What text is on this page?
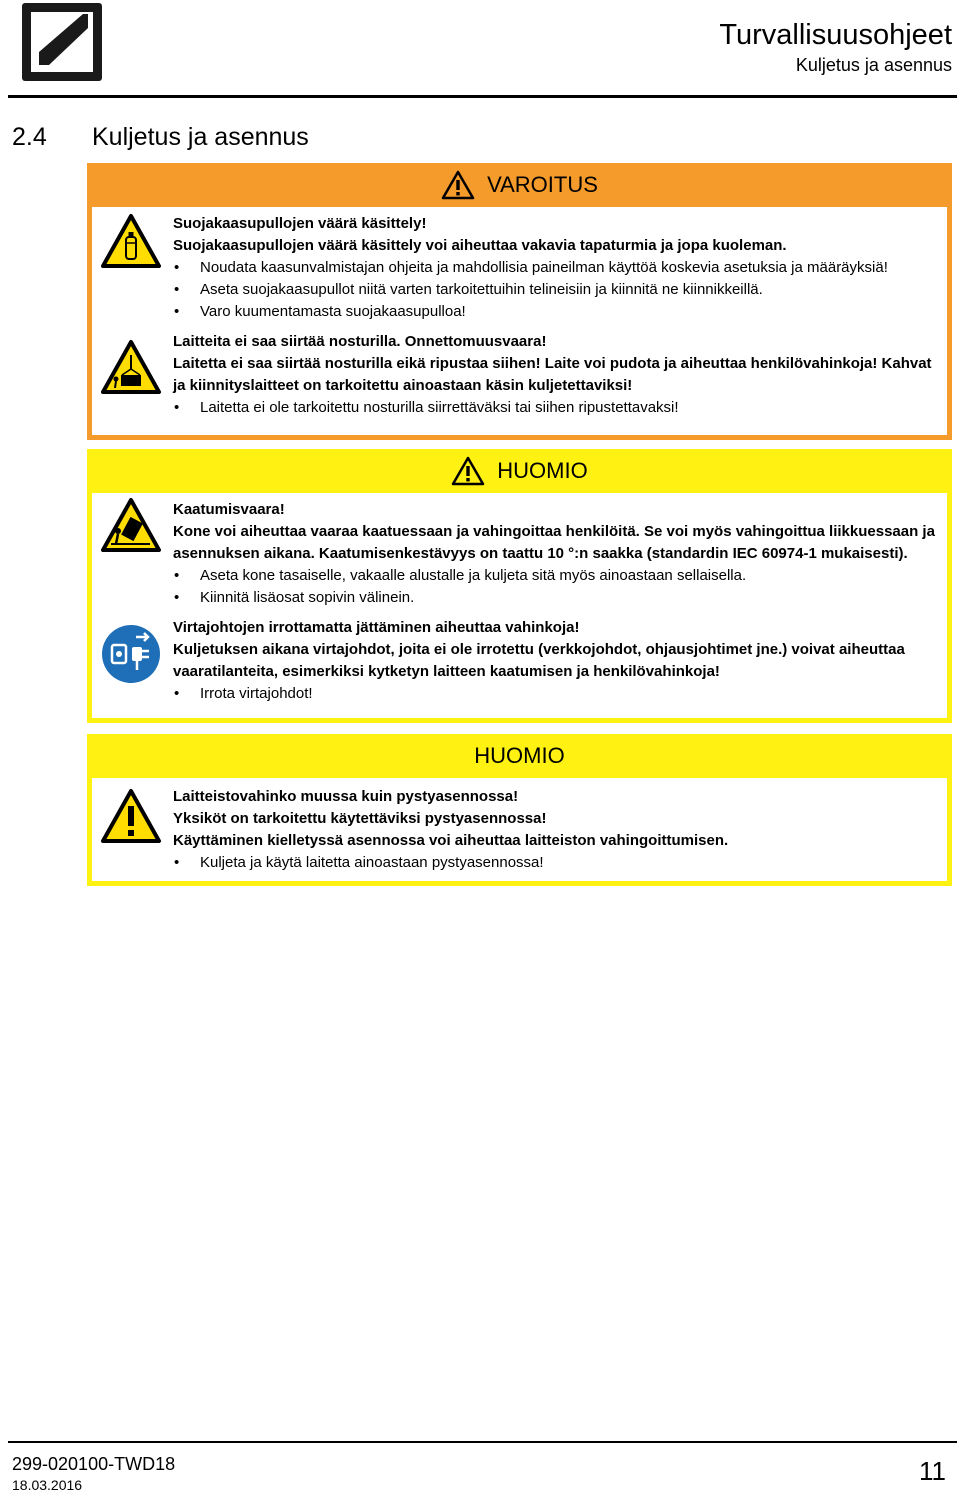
Turvallisuusohjeet
Kuljetus ja asennus
2.4 Kuljetus ja asennus
VAROITUS

Suojakaasupullojen väärä käsittely!

Suojakaasupullojen väärä käsittely voi aiheuttaa vakavia tapaturmia ja jopa kuoleman.

• Noudata kaasunvalmistajan ohjeita ja mahdollisia paineilman käyttöä koskevia asetuksia ja määräyksiä!
• Aseta suojakaasupullot niitä varten tarkoitettuihin telineisiin ja kiinnitä ne kiinnikkeillä.
• Varo kuumentamasta suojakaasupulloa!

Laitteita ei saa siirtää nosturilla. Onnettomuusvaara!

Laitetta ei saa siirtää nosturilla eikä ripustaa siihen! Laite voi pudota ja aiheuttaa henkilövahinkoja! Kahvat ja kiinnityslaitteet on tarkoitettu ainoastaan käsin kuljetettaviksi!

• Laitetta ei ole tarkoitettu nosturilla siirrettäväksi tai siihen ripustettavaksi!
HUOMIO

Kaatumisvaara!

Kone voi aiheuttaa vaaraa kaatuessaan ja vahingoittaa henkilöitä. Se voi myös vahingoittua liikkuessaan ja asennuksen aikana. Kaatumisenkestävyys on taattu 10 °:n saakka (standardin IEC 60974-1 mukaisesti).

• Aseta kone tasaiselle, vakaalle alustalle ja kuljeta sitä myös ainoastaan sellaisella.
• Kiinnitä lisäosat sopivin välinein.

Virtajohtojen irrottamatta jättäminen aiheuttaa vahinkoja!

Kuljetuksen aikana virtajohdot, joita ei ole irrotettu (verkkojohdot, ohjausjohtimet jne.) voivat aiheuttaa vaaratilanteita, esimerkiksi kytketyn laitteen kaatumisen ja henkilövahinkoja!

• Irrota virtajohdot!
HUOMIO

Laitteistovahinko muussa kuin pystyasennossa!

Yksiköt on tarkoitettu käytettäviksi pystyasennossa!

Käyttäminen kielletyssä asennossa voi aiheuttaa laitteiston vahingoittumisen.

• Kuljeta ja käytä laitetta ainoastaan pystyasennossa!
299-020100-TWD18
18.03.2016	11
